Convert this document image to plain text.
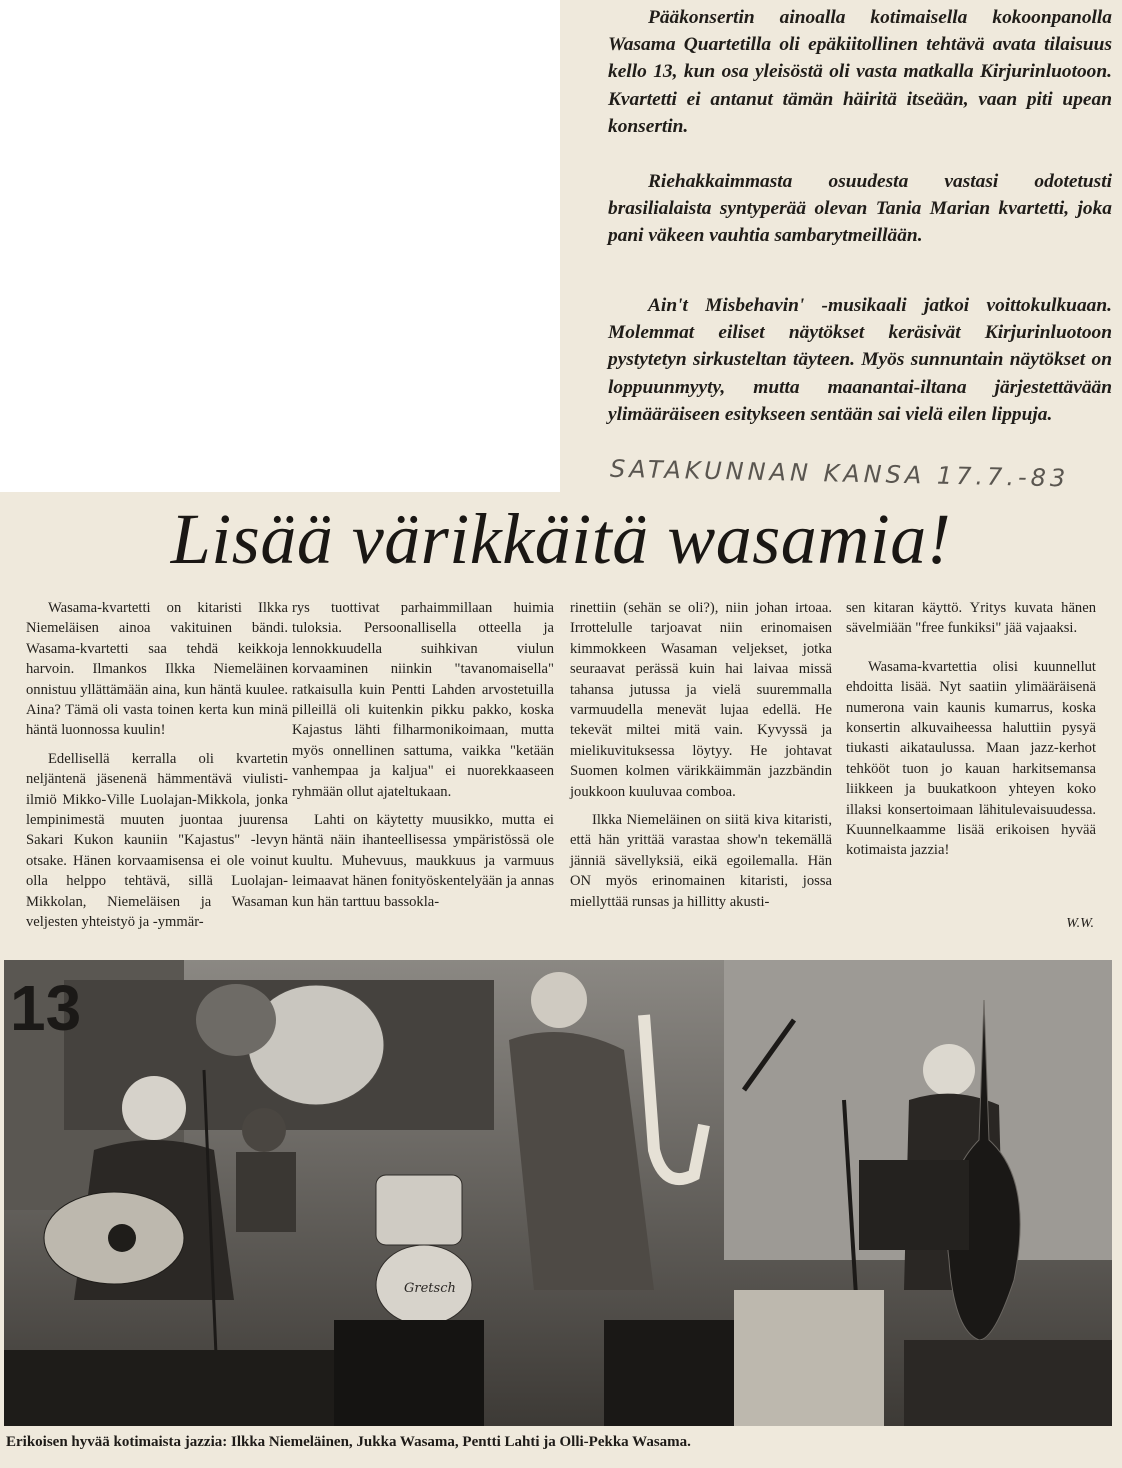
Pääkonsertin ainoalla kotimaisella kokoonpanolla Wasama Quartetilla oli epäkiitollinen tehtävä avata tilaisuus kello 13, kun osa yleisöstä oli vasta matkalla Kirjurinluotoon. Kvartetti ei antanut tämän häiritä itseään, vaan piti upean konsertin.

Riehakkaimmasta osuudesta vastasi odotetusti brasilialaista syntyperää olevan Tania Marian kvartetti, joka pani väkeen vauhtia sambarytmeillään.

Ain't Misbehavin' -musikaali jatkoi voittokulkuaan. Molemmat eiliset näytökset keräsivät Kirjurinluotoon pystytetyn sirkusteltan täyteen. Myös sunnuntain näytökset on loppuunmyyty, mutta maanantai-iltana järjestettävään ylimääräiseen esitykseen sentään sai vielä eilen lippuja.

SATAKUNNAN KANSA 17.7.-83
Lisää värikkäitä wasamia!

Wasama-kvartetti on kitaristi Ilkka Niemeläisen ainoa vakituinen bändi. Wasama-kvartetti saa tehdä keikkoja harvoin. Ilmankos Ilkka Niemeläinen onnistuu yllättämään aina, kun häntä kuulee. Aina? Tämä oli vasta toinen kerta kun minä häntä luonnossa kuulin!

Edellisellä kerralla oli kvartetin neljäntenä jäsenenä hämmentävä viulisti-ilmiö Mikko-Ville Luolajan-Mikkola, jonka lempinimestä muuten juontaa juurensa Sakari Kukon kauniin "Kajastus" -levyn otsake. Hänen korvaamisensa ei ole voinut olla helppo tehtävä, sillä Luolajan-Mikkolan, Niemeläisen ja Wasaman veljesten yhteistyö ja -ymmär-

rys tuottivat parhaimmillaan huimia tuloksia. Persoonallisella otteella ja lennokkuudella suihkivan viulun korvaaminen niinkin "tavanomaisella" ratkaisulla kuin Pentti Lahden arvostetuilla pilleillä oli kuitenkin pikku pakko, koska Kajastus lähti filharmonikoimaan, mutta myös onnellinen sattuma, vaikka "ketään vanhempaa ja kaljua" ei nuorekkaaseen ryhmään ollut ajateltukaan.

Lahti on käytetty muusikko, mutta ei häntä näin ihanteellisessa ympäristössä ole kuultu. Muhevuus, maukkuus ja varmuus leimaavat hänen fonityöskentelyään ja annas kun hän tarttuu bassokla-

rinettiin (sehän se oli?), niin johan irtoaa. Irrottelulle tarjoavat niin erinomaisen kimmokkeen Wasaman veljekset, jotka seuraavat perässä kuin hai laivaa missä tahansa jutussa ja vielä suuremmalla varmuudella menevät lujaa edellä. He tekevät miltei mitä vain. Kyvyssä ja mielikuvituksessa löytyy. He johtavat Suomen kolmen värikkäimmän jazzbändin joukkoon kuuluvaa comboa.

Ilkka Niemeläinen on siitä kiva kitaristi, että hän yrittää varastaa show'n tekemällä jänniä sävellyksiä, eikä egoilemalla. Hän ON myös erinomainen kitaristi, jossa miellyttää runsas ja hillitty akusti-

sen kitaran käyttö. Yritys kuvata hänen sävelmiään "free funkiksi" jää vajaaksi.

Wasama-kvartettia olisi kuunnellut ehdoitta lisää. Nyt saatiin ylimääräisenä numerona vain kaunis kumarrus, koska konsertin alkuvaiheessa haluttiin pysyä tiukasti aikataulussa. Maan jazz-kerhot tehkööt tuon jo kauan harkitsemansa liikkeen ja buukatkoon yhteyen koko illaksi konsertoimaan lähitulevaisuudessa. Kuunnelkaamme lisää erikoisen hyvää kotimaista jazzia!

W.W.
13
Gretsch
Erikoisen hyvää kotimaista jazzia: Ilkka Niemeläinen, Jukka Wasama, Pentti Lahti ja Olli-Pekka Wasama.
